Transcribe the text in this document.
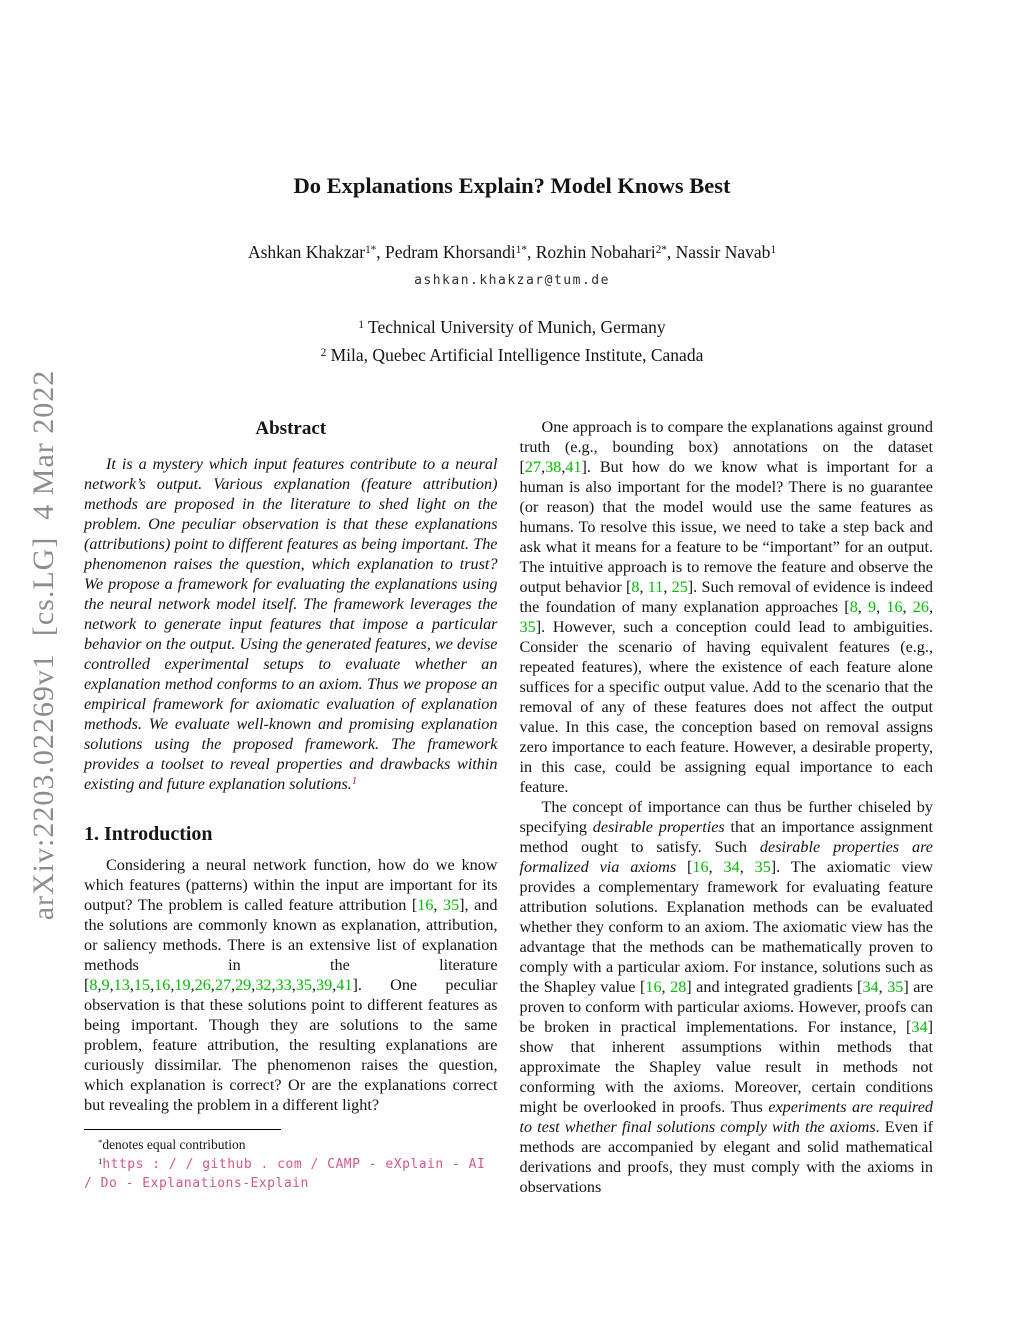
arXiv:2203.02269v1  [cs.LG]  4 Mar 2022
Do Explanations Explain? Model Knows Best
Ashkan Khakzar$^{1*}$, Pedram Khorsandi$^{1*}$, Rozhin Nobahari$^{2*}$, Nassir Navab$^1$
ashkan.khakzar@tum.de
$^1$ Technical University of Munich, Germany
$^2$ Mila, Quebec Artificial Intelligence Institute, Canada
Abstract

It is a mystery which input features contribute to a neural network’s output. Various explanation (feature attribution) methods are proposed in the literature to shed light on the problem. One peculiar observation is that these explanations (attributions) point to different features as being important. The phenomenon raises the question, which explanation to trust? We propose a framework for evaluating the explanations using the neural network model itself. The framework leverages the network to generate input features that impose a particular behavior on the output. Using the generated features, we devise controlled experimental setups to evaluate whether an explanation method conforms to an axiom. Thus we propose an empirical framework for axiomatic evaluation of explanation methods. We evaluate well-known and promising explanation solutions using the proposed framework. The framework provides a toolset to reveal properties and drawbacks within existing and future explanation solutions.$^1$

1. Introduction

Considering a neural network function, how do we know which features (patterns) within the input are important for its output? The problem is called feature attribution [16, 35], and the solutions are commonly known as explanation, attribution, or saliency methods. There is an extensive list of explanation methods in the literature [8,9,13,15,16,19,26,27,29,32,33,35,39,41]. One peculiar observation is that these solutions point to different features as being important. Though they are solutions to the same problem, feature attribution, the resulting explanations are curiously dissimilar. The phenomenon raises the question, which explanation is correct? Or are the explanations correct but revealing the problem in a different light?

*denotes equal contribution
$^1$https : / / github . com / CAMP - eXplain - AI / Do - Explanations-Explain

One approach is to compare the explanations against ground truth (e.g., bounding box) annotations on the dataset [27,38,41]. But how do we know what is important for a human is also important for the model? There is no guarantee (or reason) that the model would use the same features as humans. To resolve this issue, we need to take a step back and ask what it means for a feature to be “important” for an output. The intuitive approach is to remove the feature and observe the output behavior [8, 11, 25]. Such removal of evidence is indeed the foundation of many explanation approaches [8, 9, 16, 26, 35]. However, such a conception could lead to ambiguities. Consider the scenario of having equivalent features (e.g., repeated features), where the existence of each feature alone suffices for a specific output value. Add to the scenario that the removal of any of these features does not affect the output value. In this case, the conception based on removal assigns zero importance to each feature. However, a desirable property, in this case, could be assigning equal importance to each feature.

The concept of importance can thus be further chiseled by specifying desirable properties that an importance assignment method ought to satisfy. Such desirable properties are formalized via axioms [16, 34, 35]. The axiomatic view provides a complementary framework for evaluating feature attribution solutions. Explanation methods can be evaluated whether they conform to an axiom. The axiomatic view has the advantage that the methods can be mathematically proven to comply with a particular axiom. For instance, solutions such as the Shapley value [16, 28] and integrated gradients [34, 35] are proven to conform with particular axioms. However, proofs can be broken in practical implementations. For instance, [34] show that inherent assumptions within methods that approximate the Shapley value result in methods not conforming with the axioms. Moreover, certain conditions might be overlooked in proofs. Thus experiments are required to test whether final solutions comply with the axioms. Even if methods are accompanied by elegant and solid mathematical derivations and proofs, they must comply with the axioms in observations
